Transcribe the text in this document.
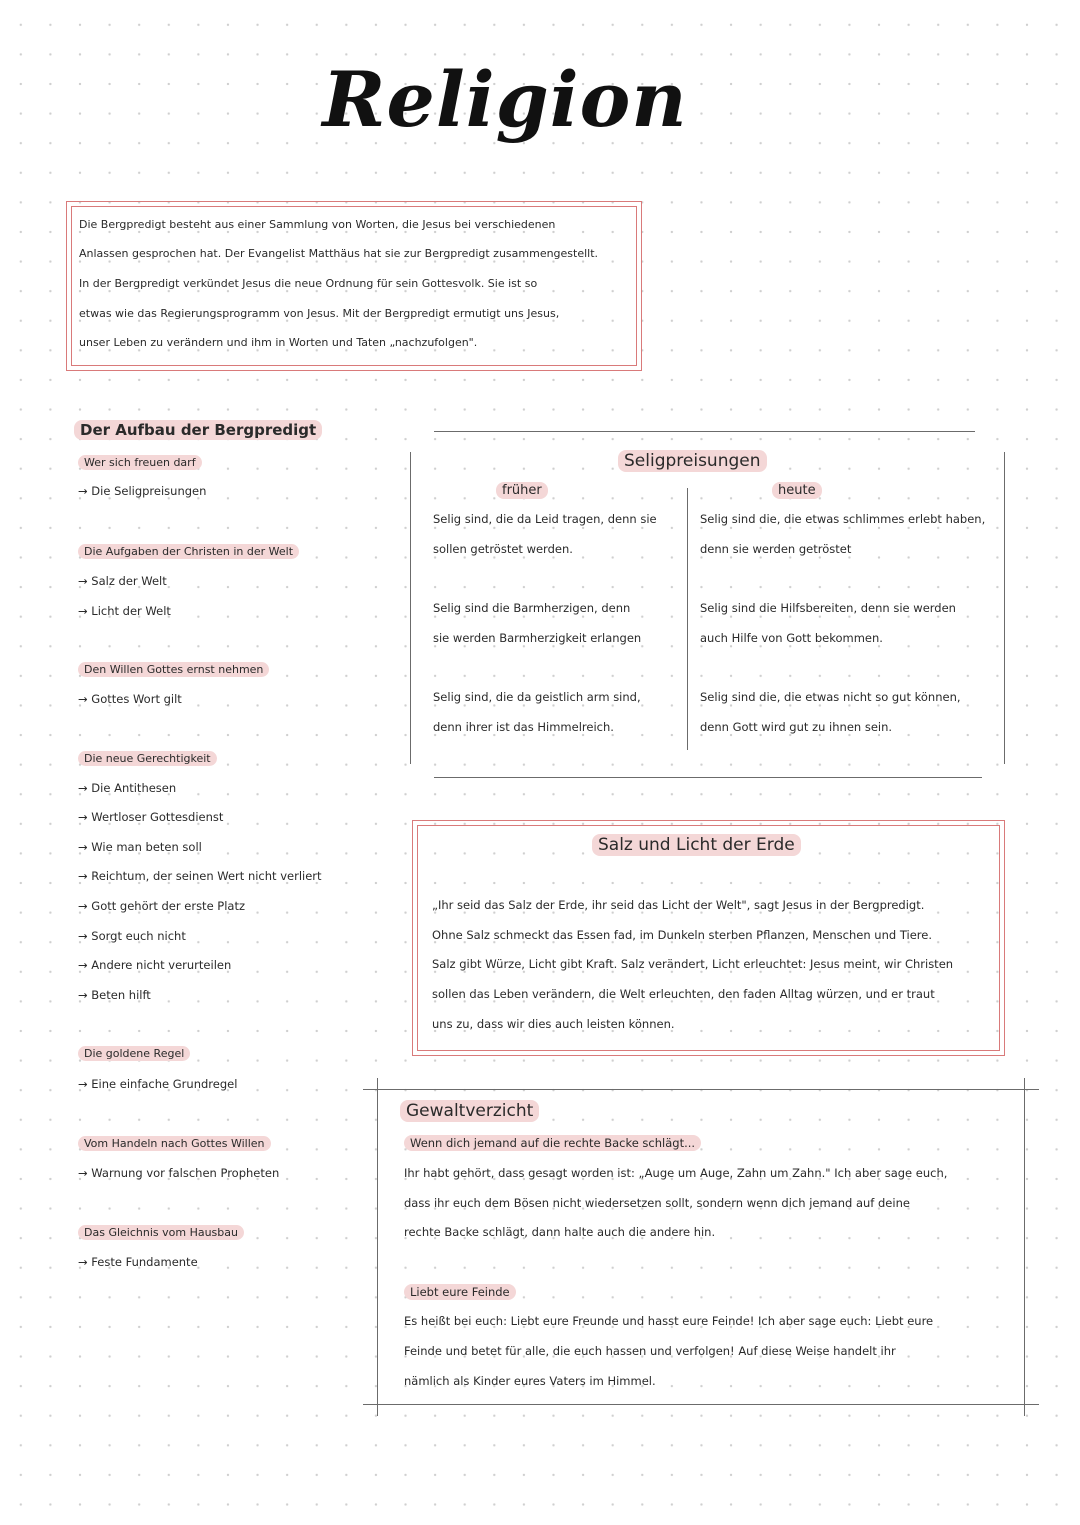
Religion
Die Bergpredigt besteht aus einer Sammlung von Worten, die Jesus bei verschiedenen
Anlassen gesprochen hat. Der Evangelist Matthäus hat sie zur Bergpredigt zusammengestellt.
In der Bergpredigt verkündet Jesus die neue Ordnung für sein Gottesvolk. Sie ist so
etwas wie das Regierungsprogramm von Jesus. Mit der Bergpredigt ermutigt uns Jesus,
unser Leben zu verändern und ihm in Worten und Taten „nachzufolgen".
Der Aufbau der Bergpredigt
Wer sich freuen darf
→ Die Seligpreisungen
Die Aufgaben der Christen in der Welt
→ Salz der Welt
→ Licht der Welt
Den Willen Gottes ernst nehmen
→ Gottes Wort gilt
Die neue Gerechtigkeit
→ Die Antithesen
→ Wertloser Gottesdienst
→ Wie man beten soll
→ Reichtum, der seinen Wert nicht verliert
→ Gott gehört der erste Platz
→ Sorgt euch nicht
→ Andere nicht verurteilen
→ Beten hilft
Die goldene Regel
→ Eine einfache Grundregel
Vom Handeln nach Gottes Willen
→ Warnung vor falschen Propheten
Das Gleichnis vom Hausbau
→ Feste Fundamente
Seligpreisungen
früher	heute
Selig sind, die da Leid tragen, denn sie
sollen getröstet werden.
Selig sind die Barmherzigen, denn
sie werden Barmherzigkeit erlangen
Selig sind, die da geistlich arm sind,
denn ihrer ist das Himmelreich.
Selig sind die, die etwas schlimmes erlebt haben,
denn sie werden getröstet
Selig sind die Hilfsbereiten, denn sie werden
auch Hilfe von Gott bekommen.
Selig sind die, die etwas nicht so gut können,
denn Gott wird gut zu ihnen sein.
Salz und Licht der Erde
„Ihr seid das Salz der Erde, ihr seid das Licht der Welt", sagt Jesus in der Bergpredigt.
Ohne Salz schmeckt das Essen fad, im Dunkeln sterben Pflanzen, Menschen und Tiere.
Salz gibt Würze, Licht gibt Kraft. Salz verändert, Licht erleuchtet: Jesus meint, wir Christen
sollen das Leben verändern, die Welt erleuchten, den faden Alltag würzen, und er traut
uns zu, dass wir dies auch leisten können.
Gewaltverzicht
Wenn dich jemand auf die rechte Backe schlägt...
Ihr habt gehört, dass gesagt worden ist: „Auge um Auge, Zahn um Zahn." Ich aber sage euch,
dass ihr euch dem Bösen nicht wiedersetzen sollt, sondern wenn dich jemand auf deine
rechte Backe schlägt, dann halte auch die andere hin.
Liebt eure Feinde
Es heißt bei euch: Liebt eure Freunde und hasst eure Feinde! Ich aber sage euch: Liebt eure
Feinde und betet für alle, die euch hassen und verfolgen! Auf diese Weise handelt ihr
nämlich als Kinder eures Vaters im Himmel.
